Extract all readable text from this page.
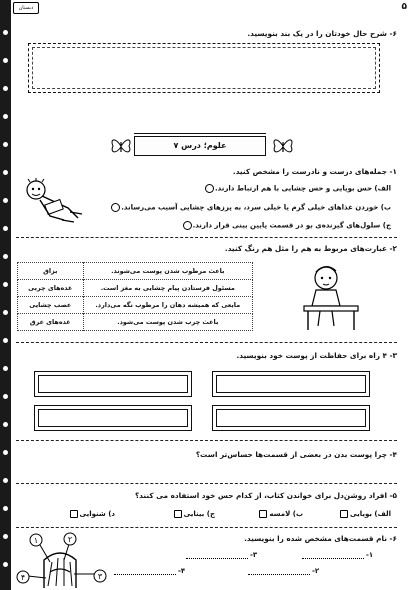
دبستان	۵
۶- شرح حال خودتان را در یک بند بنویسید.
علوم؛ درس ۷
۱- جمله‌های درست و نادرست را مشخص کنید.
الف) حس بویایی و حس چشایی با هم ارتباط دارند.
ب) خوردن غذاهای خیلی گرم یا خیلی سرد، به پرزهای چشایی آسیب می‌رساند.
ج) سلول‌های گیرنده‌ی بو در قسمت پایین بینی قرار دارند.
۲- عبارت‌های مربوط به هم را مثل هم رنگ کنید.
باعث مرطوب شدن پوست می‌شوند.	بزاق
مسئول فرستادن پیام چشایی به مغز است.	غده‌های چربی
مایعی که همیشه دهان را مرطوب نگه می‌دارد.	عصب چشایی
باعث چرب شدن پوست می‌شود.	غده‌های عرق
۳- ۴ راه برای حفاظت از پوست خود بنویسید.
۴- چرا پوست بدن در بعضی از قسمت‌ها حساس‌تر است؟
۵- افراد روشن‌دل برای خواندن کتاب، از کدام حس خود استفاده می کنند؟
الف) بویایی
ب) لامسه
ج) بینایی
د) شنوایی
۶- نام قسمت‌های مشخص شده را بنویسید.
-۳	-۱
-۴	-۲
۱	۲
۳
۴
